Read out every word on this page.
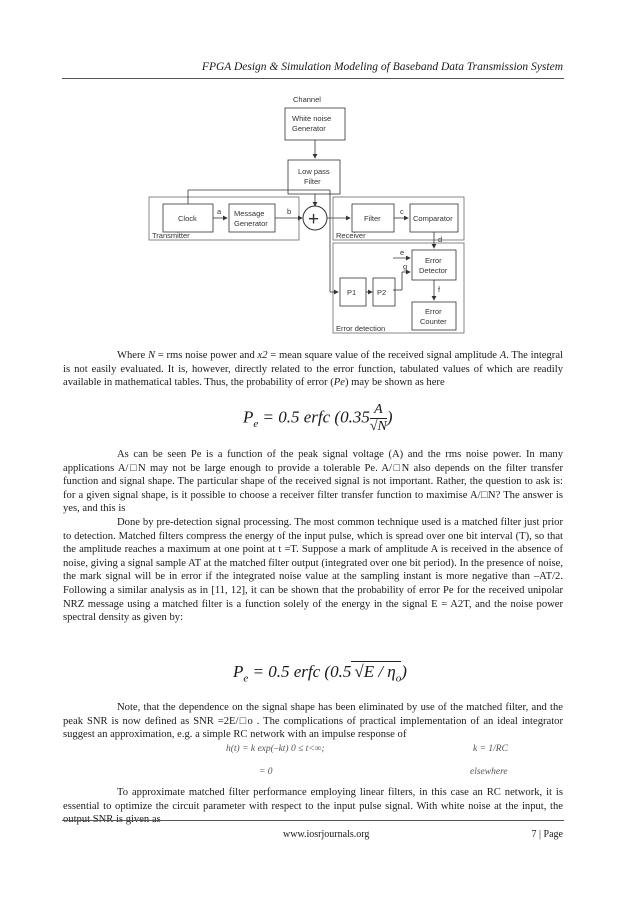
FPGA Design & Simulation Modeling of Baseband Data Transmission System
Channel
White noise
Generator
Low pass
Filter
Transmitter
Clock
a Message
Generator
b +
Receiver
Filter
c
Comparator
d
Error detection
Error
Detector
e
g
f
P1	P2
Error
Counter

Where N = rms noise power and x2 = mean square value of the received signal amplitude A. The integral is not easily evaluated. It is, however, directly related to the error function, tabulated values of which are readily available in mathematical tables. Thus, the probability of error (Pe) may be shown as here

$P_e = 0.5$ erfc ($0.35 \frac{A}{√N}$ )

As can be seen Pe is a function of the peak signal voltage (A) and the rms noise power. In many applications A/□N may not be large enough to provide a tolerable Pe. A/□N also depends on the filter transfer function and signal shape. The particular shape of the received signal is not important. Rather, the question to ask is: for a given signal shape, is it possible to choose a receiver filter transfer function to maximise A/□N? The answer is yes, and this is

Done by pre-detection signal processing. The most common technique used is a matched filter just prior to detection. Matched filters compress the energy of the input pulse, which is spread over one bit interval (T), so that the amplitude reaches a maximum at one point at t =T. Suppose a mark of amplitude A is received in the absence of noise, giving a signal sample AT at the matched filter output (integrated over one bit period). In the presence of noise, the mark signal will be in error if the integrated noise value at the sampling instant is more negative than –AT/2. Following a similar analysis as in [11, 12], it can be shown that the probability of error Pe for the received unipolar NRZ message using a matched filter is a function solely of the energy in the signal E = A2T, and the noise power spectral density as given by:

$P_e = 0.5$ erfc (0.5 $√E / \eta_o$)

Note, that the dependence on the signal shape has been eliminated by use of the matched filter, and the peak SNR is now defined as SNR =2E/□o . The complications of practical implementation of an ideal integrator suggest an approximation, e.g. a simple RC network with an impulse response of

h(t) = k exp(–kt) 0 ≤ t<∞;	k = 1/RC
= 0	elsewhere

To approximate matched filter performance employing linear filters, in this case an RC network, it is essential to optimize the circuit parameter with respect to the input pulse signal. With white noise at the input, the output SNR is given as

www.iosrjournals.org	7 | Page
